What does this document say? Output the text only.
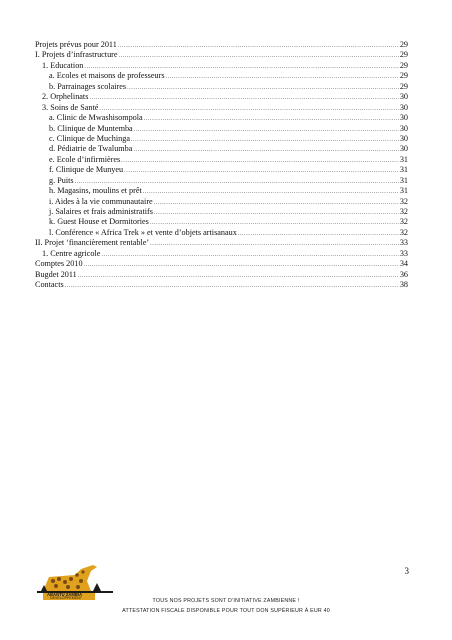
Projets prévus pour 2011 .....	29
I. Projets d’infrastructure .....	29
1. Education .....	29
a. Ecoles et maisons de professeurs .....	29
b. Parrainages scolaires .....	29
2. Orphelinats .....	30
3. Soins de Santé .....	30
a. Clinic de Mwashisompola .....	30
b. Clinique de Muntemba .....	30
c. Clinique de Muchinga .....	30
d. Pédiatrie de Twalumba .....	30
e. Ecole d’infirmières .....	31
f. Clinique de Munyeu .....	31
g. Puits .....	31
h. Magasins, moulins et prêt .....	31
i. Aides à la vie communautaire .....	32
j. Salaires et frais administratifs .....	32
k. Guest House et Dormitories .....	32
l. Conférence « Africa Trek » et vente d’objets artisanaux .....	32
II. Projet ‘financièrement rentable’ .....	33
1. Centre agricole .....	33
Comptes 2010 .....	34
Bugdet 2011 .....	36
Contacts .....	38
ABANTU ZAMBIA
DÉVELOPPEMENT
3
TOUS NOS PROJETS SONT D’INITIATIVE ZAMBIENNE !
ATTESTATION FISCALE DISPONIBLE POUR TOUT DON SUPÉRIEUR À EUR 40
